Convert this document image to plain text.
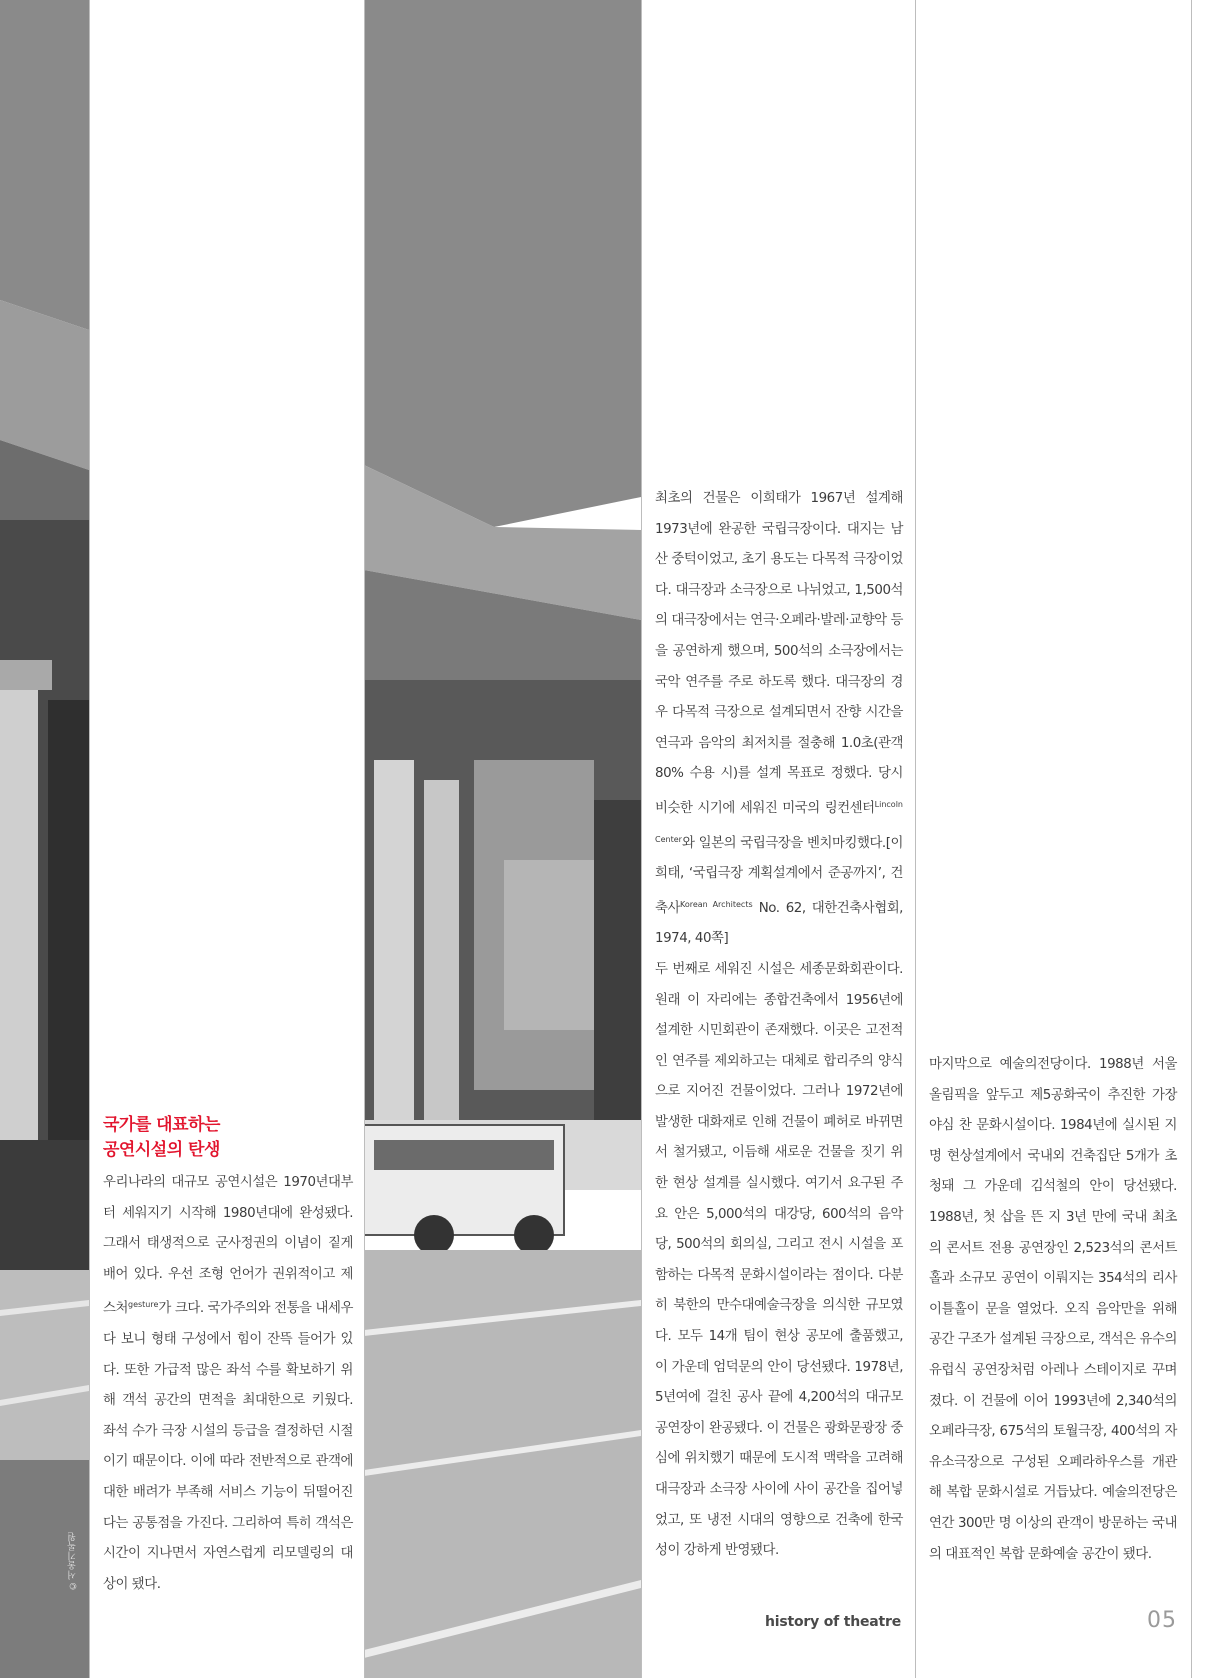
©서울기록원
국가를 대표하는
공연시설의 탄생

우리나라의 대규모 공연시설은 1970년대부터 세워지기 시작해 1980년대에 완성됐다. 그래서 태생적으로 군사정권의 이념이 짙게 배어 있다. 우선 조형 언어가 권위적이고 제스처$^{gesture}$가 크다. 국가주의와 전통을 내세우다 보니 형태 구성에서 힘이 잔뜩 들어가 있다. 또한 가급적 많은 좌석 수를 확보하기 위해 객석 공간의 면적을 최대한으로 키웠다. 좌석 수가 극장 시설의 등급을 결정하던 시절이기 때문이다. 이에 따라 전반적으로 관객에 대한 배려가 부족해 서비스 기능이 뒤떨어진다는 공통점을 가진다. 그리하여 특히 객석은 시간이 지나면서 자연스럽게 리모델링의 대상이 됐다.

최초의 건물은 이희태가 1967년 설계해 1973년에 완공한 국립극장이다. 대지는 남산 중턱이었고, 초기 용도는 다목적 극장이었다. 대극장과 소극장으로 나뉘었고, 1,500석의 대극장에서는 연극·오페라·발레·교향악 등을 공연하게 했으며, 500석의 소극장에서는 국악 연주를 주로 하도록 했다. 대극장의 경우 다목적 극장으로 설계되면서 잔향 시간을 연극과 음악의 최저치를 절충해 1.0초(관객 80% 수용 시)를 설계 목표로 정했다. 당시 비슷한 시기에 세워진 미국의 링컨센터$^{Lincoln Center}$와 일본의 국립극장을 벤치마킹했다.[이희태, ‘국립극장 계획설계에서 준공까지’, 건축사$^{Korean Architects}$ No. 62, 대한건축사협회, 1974, 40쪽]

두 번째로 세워진 시설은 세종문화회관이다. 원래 이 자리에는 종합건축에서 1956년에 설계한 시민회관이 존재했다. 이곳은 고전적인 연주를 제외하고는 대체로 합리주의 양식으로 지어진 건물이었다. 그러나 1972년에 발생한 대화재로 인해 건물이 폐허로 바뀌면서 철거됐고, 이듬해 새로운 건물을 짓기 위한 현상 설계를 실시했다. 여기서 요구된 주요 안은 5,000석의 대강당, 600석의 음악당, 500석의 회의실, 그리고 전시 시설을 포함하는 다목적 문화시설이라는 점이다. 다분히 북한의 만수대예술극장을 의식한 규모였다. 모두 14개 팀이 현상 공모에 출품했고, 이 가운데 엄덕문의 안이 당선됐다. 1978년, 5년여에 걸친 공사 끝에 4,200석의 대규모 공연장이 완공됐다. 이 건물은 광화문광장 중심에 위치했기 때문에 도시적 맥락을 고려해 대극장과 소극장 사이에 사이 공간을 집어넣었고, 또 냉전 시대의 영향으로 건축에 한국성이 강하게 반영됐다.

마지막으로 예술의전당이다. 1988년 서울 올림픽을 앞두고 제5공화국이 추진한 가장 야심 찬 문화시설이다. 1984년에 실시된 지명 현상설계에서 국내외 건축집단 5개가 초청돼 그 가운데 김석철의 안이 당선됐다. 1988년, 첫 삽을 뜬 지 3년 만에 국내 최초의 콘서트 전용 공연장인 2,523석의 콘서트홀과 소규모 공연이 이뤄지는 354석의 리사이틀홀이 문을 열었다. 오직 음악만을 위해 공간 구조가 설계된 극장으로, 객석은 유수의 유럽식 공연장처럼 아레나 스테이지로 꾸며졌다. 이 건물에 이어 1993년에 2,340석의 오페라극장, 675석의 토월극장, 400석의 자유소극장으로 구성된 오페라하우스를 개관해 복합 문화시설로 거듭났다. 예술의전당은 연간 300만 명 이상의 관객이 방문하는 국내의 대표적인 복합 문화예술 공간이 됐다.

history of theatre	05
